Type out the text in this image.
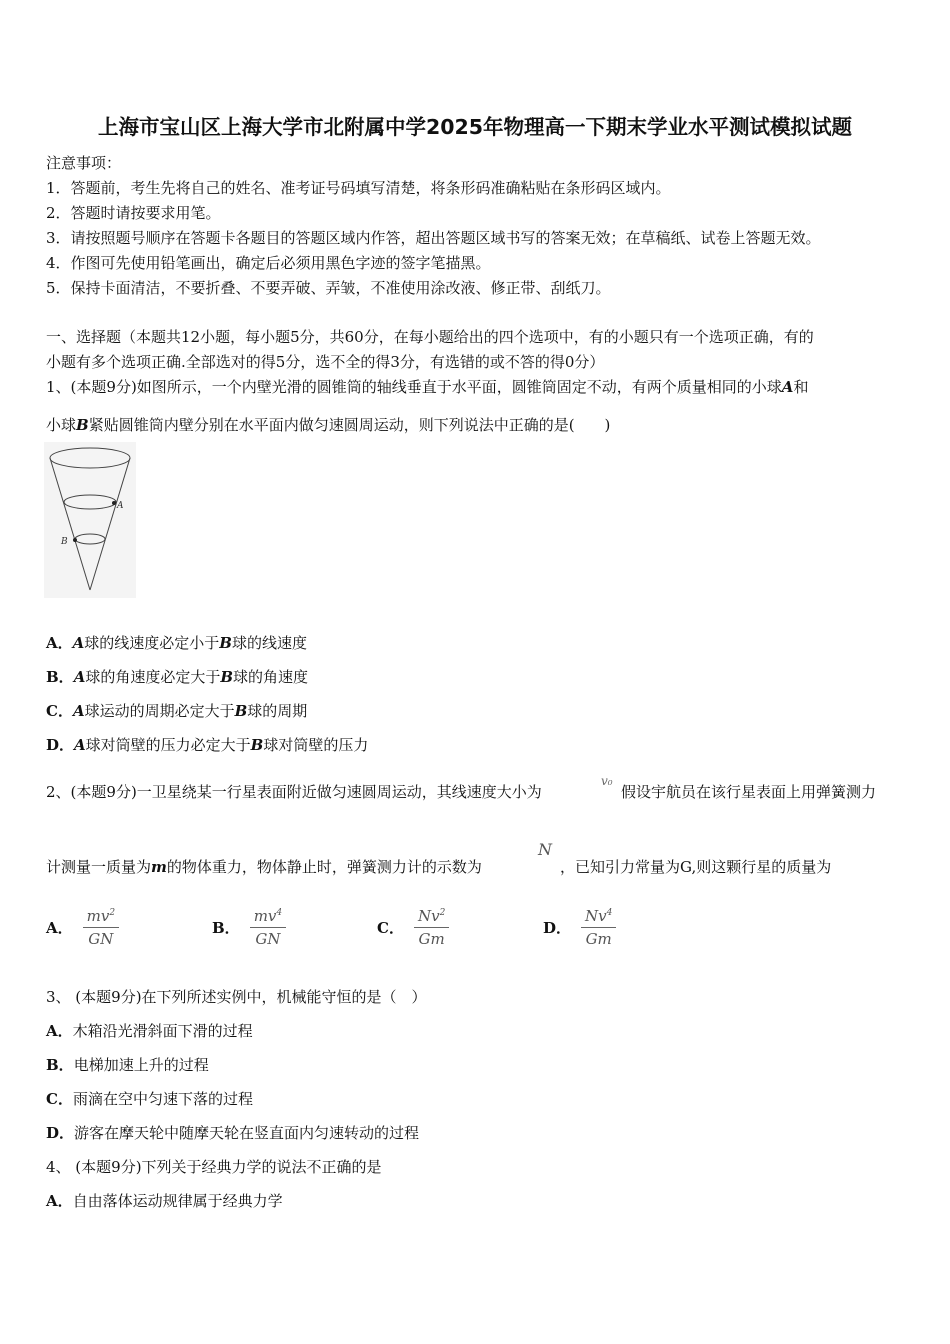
上海市宝山区上海大学市北附属中学2025年物理高一下期末学业水平测试模拟试题
注意事项：
1．答题前，考生先将自己的姓名、准考证号码填写清楚，将条形码准确粘贴在条形码区域内。
2．答题时请按要求用笔。
3．请按照题号顺序在答题卡各题目的答题区域内作答，超出答题区域书写的答案无效；在草稿纸、试卷上答题无效。
4．作图可先使用铅笔画出，确定后必须用黑色字迹的签字笔描黑。
5．保持卡面清洁，不要折叠、不要弄破、弄皱，不准使用涂改液、修正带、刮纸刀。
一、选择题（本题共12小题，每小题5分，共60分，在每小题给出的四个选项中，有的小题只有一个选项正确，有的
小题有多个选项正确.全部选对的得5分，选不全的得3分，有选错的或不答的得0分）
1、(本题9分)如图所示，一个内壁光滑的圆锥筒的轴线垂直于水平面，圆锥筒固定不动，有两个质量相同的小球A和
小球B紧贴圆锥筒内壁分别在水平面内做匀速圆周运动，则下列说法中正确的是(　　)
A
B
A．A球的线速度必定小于B球的线速度
B．A球的角速度必定大于B球的角速度
C．A球运动的周期必定大于B球的周期
D．A球对筒壁的压力必定大于B球对筒壁的压力
2、(本题9分)一卫星绕某一行星表面附近做匀速圆周运动，其线速度大小为
v₀
假设宇航员在该行星表面上用弹簧测力
计测量一质量为m的物体重力，物体静止时，弹簧测力计的示数为
N
，已知引力常量为G,则这颗行星的质量为
A． $\frac{mv^2}{GN}$	B． $\frac{mv^4}{GN}$	C． $\frac{Nv^2}{Gm}$	D． $\frac{Nv^4}{Gm}$
3、 (本题9分)在下列所述实例中，机械能守恒的是（　）
A．木箱沿光滑斜面下滑的过程
B．电梯加速上升的过程
C．雨滴在空中匀速下落的过程
D．游客在摩天轮中随摩天轮在竖直面内匀速转动的过程
4、 (本题9分)下列关于经典力学的说法不正确的是
A．自由落体运动规律属于经典力学
